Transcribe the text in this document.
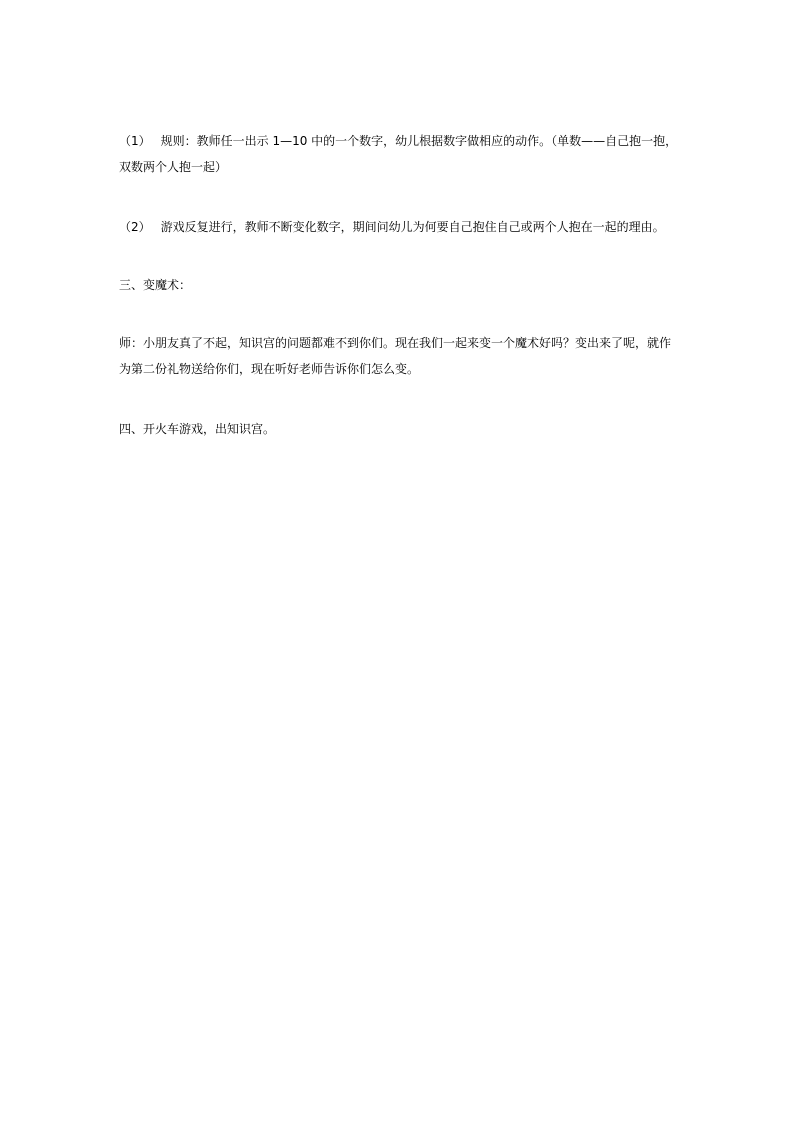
（1） 规则：教师任一出示 1—10 中的一个数字，幼儿根据数字做相应的动作。（单数——自己抱一抱，双数两个人抱一起）

（2） 游戏反复进行，教师不断变化数字，期间问幼儿为何要自己抱住自己或两个人抱在一起的理由。

三、变魔术：

师：小朋友真了不起，知识宫的问题都难不到你们。现在我们一起来变一个魔术好吗？变出来了呢，就作为第二份礼物送给你们，现在听好老师告诉你们怎么变。

四、开火车游戏，出知识宫。
